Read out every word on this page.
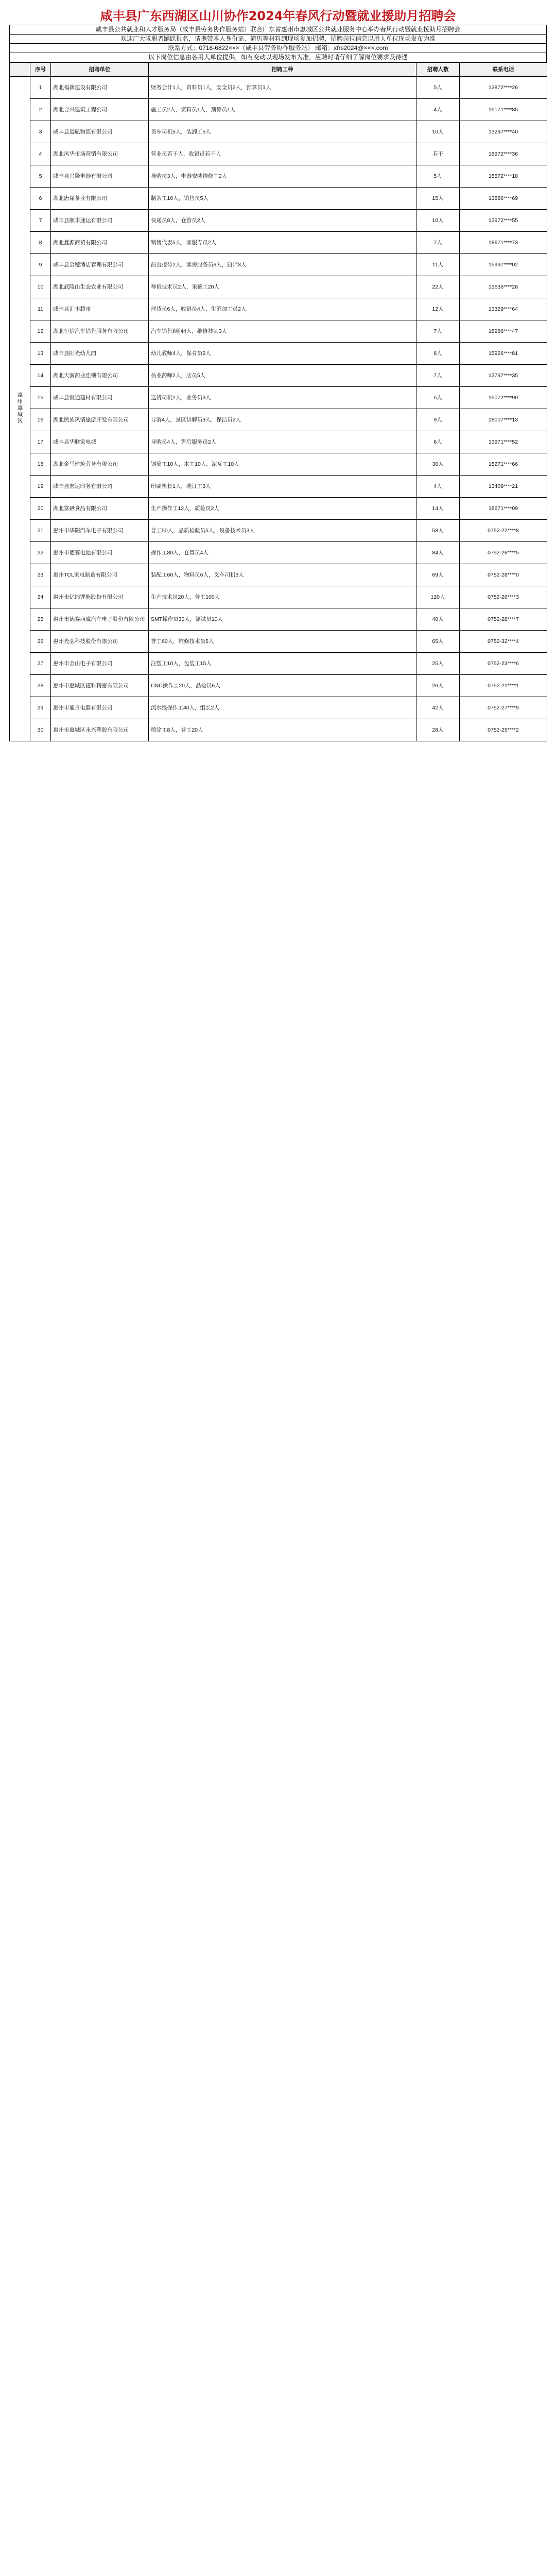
咸丰县广东西湖区山川协作2024年春风行动暨就业援助月招聘会
咸丰县公共就业和人才服务局（咸丰县劳务协作服务站）联合广东省惠州市惠城区公共就业服务中心举办春风行动暨就业援助月招聘会
欢迎广大求职者踊跃报名，请携带本人身份证、简历等材料到现场参加招聘，招聘岗位信息以用人单位现场发布为准
联系方式：0718-6822×××（咸丰县劳务协作服务站） 邮箱：xfrs2024@×××.com
以下岗位信息由各用人单位提供，如有变动以现场发布为准，应聘时请仔细了解岗位要求及待遇
	序号	招聘单位	招聘工种	招聘人数	联系电话
惠州惠城区	1	湖北福新建设有限公司	财务会计1人，资料员1人，安全员2人，预算员1人	5人	13872****26
	2	湖北合兴建筑工程公司	施工员2人，资料员1人，预算员1人	4人	15171****85
	3	咸丰县远航物流有限公司	货车司机5人，装卸工5人	10人	13297****40
	4	湖北风华市场营销有限公司	营业员若干人，收银员若干人	若干	18972****36
	5	咸丰县兴隆电器有限公司	导购员3人，电器安装维修工2人	5人	15572****18
	6	湖北唐崖茶业有限公司	制茶工10人，销售员5人	15人	13886****69
	7	咸丰县顺丰速运有限公司	快递员8人，仓管员2人	10人	13972****55
	8	湖北鑫源商贸有限公司	销售代表5人，客服专员2人	7人	18671****73
	9	咸丰县金穗酒店管理有限公司	前台接待2人，客房服务员6人，厨师3人	11人	15997****02
	10	湖北武陵山生态农业有限公司	种植技术员2人，采摘工20人	22人	13636****28
	11	咸丰县汇丰超市	理货员6人，收银员4人，生鲜加工员2人	12人	13329****64
	12	湖北恒信汽车销售服务有限公司	汽车销售顾问4人，维修技师3人	7人	18986****47
	13	咸丰县阳光幼儿园	幼儿教师4人，保育员2人	6人	15926****81
	14	湖北天润药业连锁有限公司	执业药师2人，店员5人	7人	13797****35
	15	咸丰县恒通建材有限公司	送货司机2人，业务员3人	5人	15072****90
	16	湖北民族风情旅游开发有限公司	导游4人，景区讲解员3人，保洁员2人	9人	18007****13
	17	咸丰县华联家电城	导购员4人，售后服务员2人	6人	13971****52
	18	湖北金马建筑劳务有限公司	钢筋工10人，木工10人，泥瓦工10人	30人	15271****66
	19	咸丰县宏达印务有限公司	印刷机长1人，装订工3人	4人	13409****21
	20	湖北富硒食品有限公司	生产操作工12人，质检员2人	14人	18671****09
	21	惠州市华阳汽车电子有限公司	普工50人，品质检验员5人，设备技术员3人	58人	0752-22****8
	22	惠州市德赛电池有限公司	操作工80人，仓管员4人	84人	0752-26****5
	23	惠州TCL家电制造有限公司	装配工60人，物料员6人，叉车司机3人	69人	0752-28****0
	24	惠州市亿纬锂能股份有限公司	生产技术员20人，普工100人	120人	0752-26****3
	25	惠州市德赛西威汽车电子股份有限公司	SMT操作员30人，测试员10人	40人	0752-28****7
	26	惠州光弘科技股份有限公司	普工60人，维修技术员5人	65人	0752-32****4
	27	惠州市金山电子有限公司	注塑工10人，包装工15人	25人	0752-23****6
	28	惠州市惠城区捷科精密有限公司	CNC操作工20人，品检员6人	26人	0752-21****1
	29	惠州市旭日电器有限公司	流水线操作工40人，组长2人	42人	0752-27****9
	30	惠州市惠城区永兴塑胶有限公司	喷涂工8人，普工20人	28人	0752-25****2
